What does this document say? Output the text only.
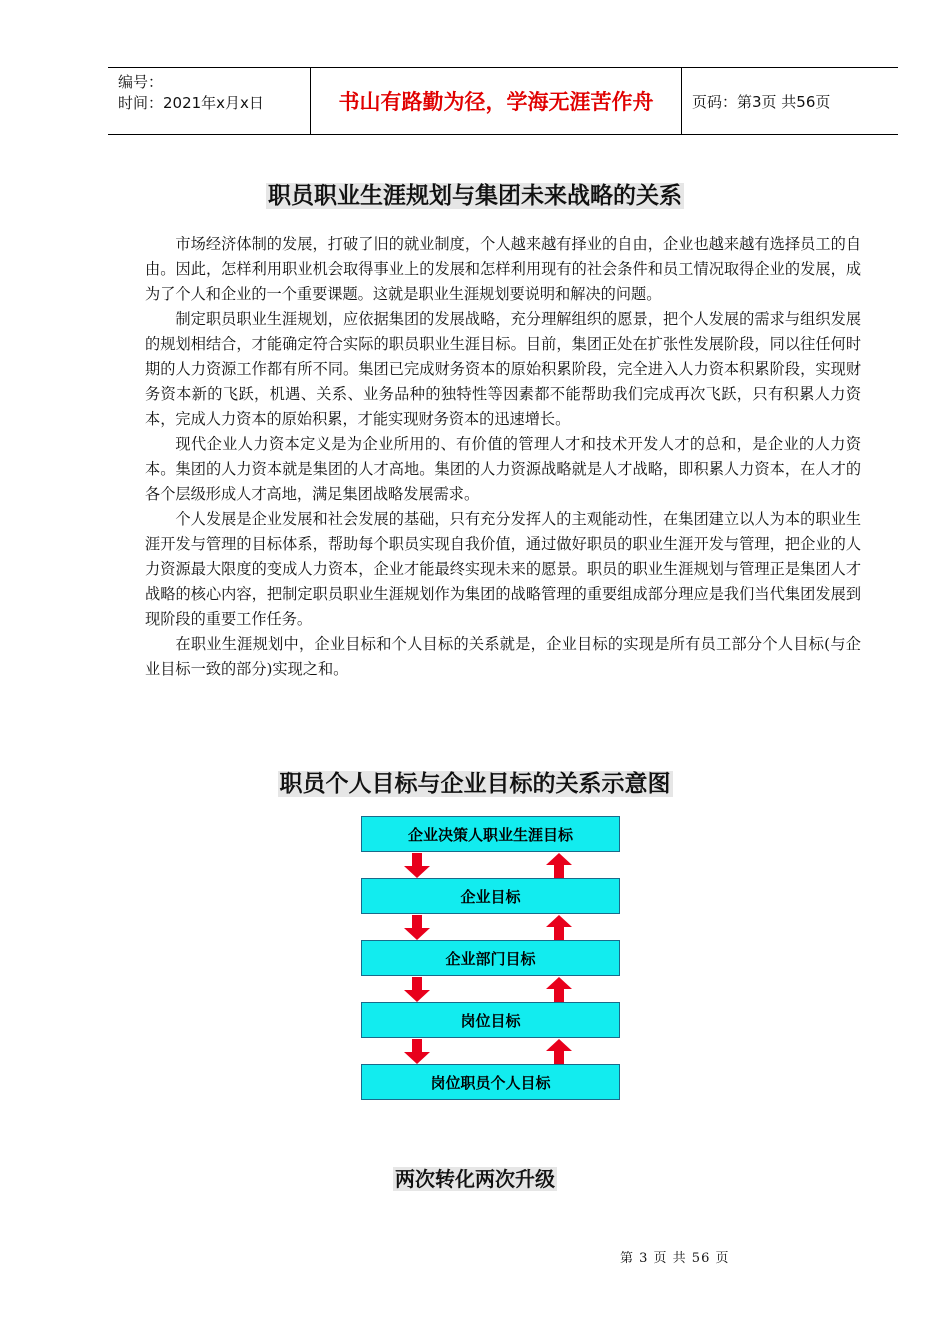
编号：
时间：2021年x月x日	书山有路勤为径，学海无涯苦作舟	页码：第3页 共56页
职员职业生涯规划与集团未来战略的关系

市场经济体制的发展，打破了旧的就业制度，个人越来越有择业的自由，企业也越来越有选择员工的自由。因此，怎样利用职业机会取得事业上的发展和怎样利用现有的社会条件和员工情况取得企业的发展，成为了个人和企业的一个重要课题。这就是职业生涯规划要说明和解决的问题。

制定职员职业生涯规划，应依据集团的发展战略，充分理解组织的愿景，把个人发展的需求与组织发展的规划相结合，才能确定符合实际的职员职业生涯目标。目前，集团正处在扩张性发展阶段，同以往任何时期的人力资源工作都有所不同。集团已完成财务资本的原始积累阶段，完全进入人力资本积累阶段，实现财务资本新的飞跃，机遇、关系、业务品种的独特性等因素都不能帮助我们完成再次飞跃，只有积累人力资本，完成人力资本的原始积累，才能实现财务资本的迅速增长。

现代企业人力资本定义是为企业所用的、有价值的管理人才和技术开发人才的总和，是企业的人力资本。集团的人力资本就是集团的人才高地。集团的人力资源战略就是人才战略，即积累人力资本，在人才的各个层级形成人才高地，满足集团战略发展需求。

个人发展是企业发展和社会发展的基础，只有充分发挥人的主观能动性，在集团建立以人为本的职业生涯开发与管理的目标体系，帮助每个职员实现自我价值，通过做好职员的职业生涯开发与管理，把企业的人力资源最大限度的变成人力资本，企业才能最终实现未来的愿景。职员的职业生涯规划与管理正是集团人才战略的核心内容，把制定职员职业生涯规划作为集团的战略管理的重要组成部分理应是我们当代集团发展到现阶段的重要工作任务。

在职业生涯规划中，企业目标和个人目标的关系就是，企业目标的实现是所有员工部分个人目标(与企业目标一致的部分)实现之和。

职员个人目标与企业目标的关系示意图
企业决策人职业生涯目标
企业目标
企业部门目标
岗位目标
岗位职员个人目标
两次转化两次升级
第 3 页 共 56 页
